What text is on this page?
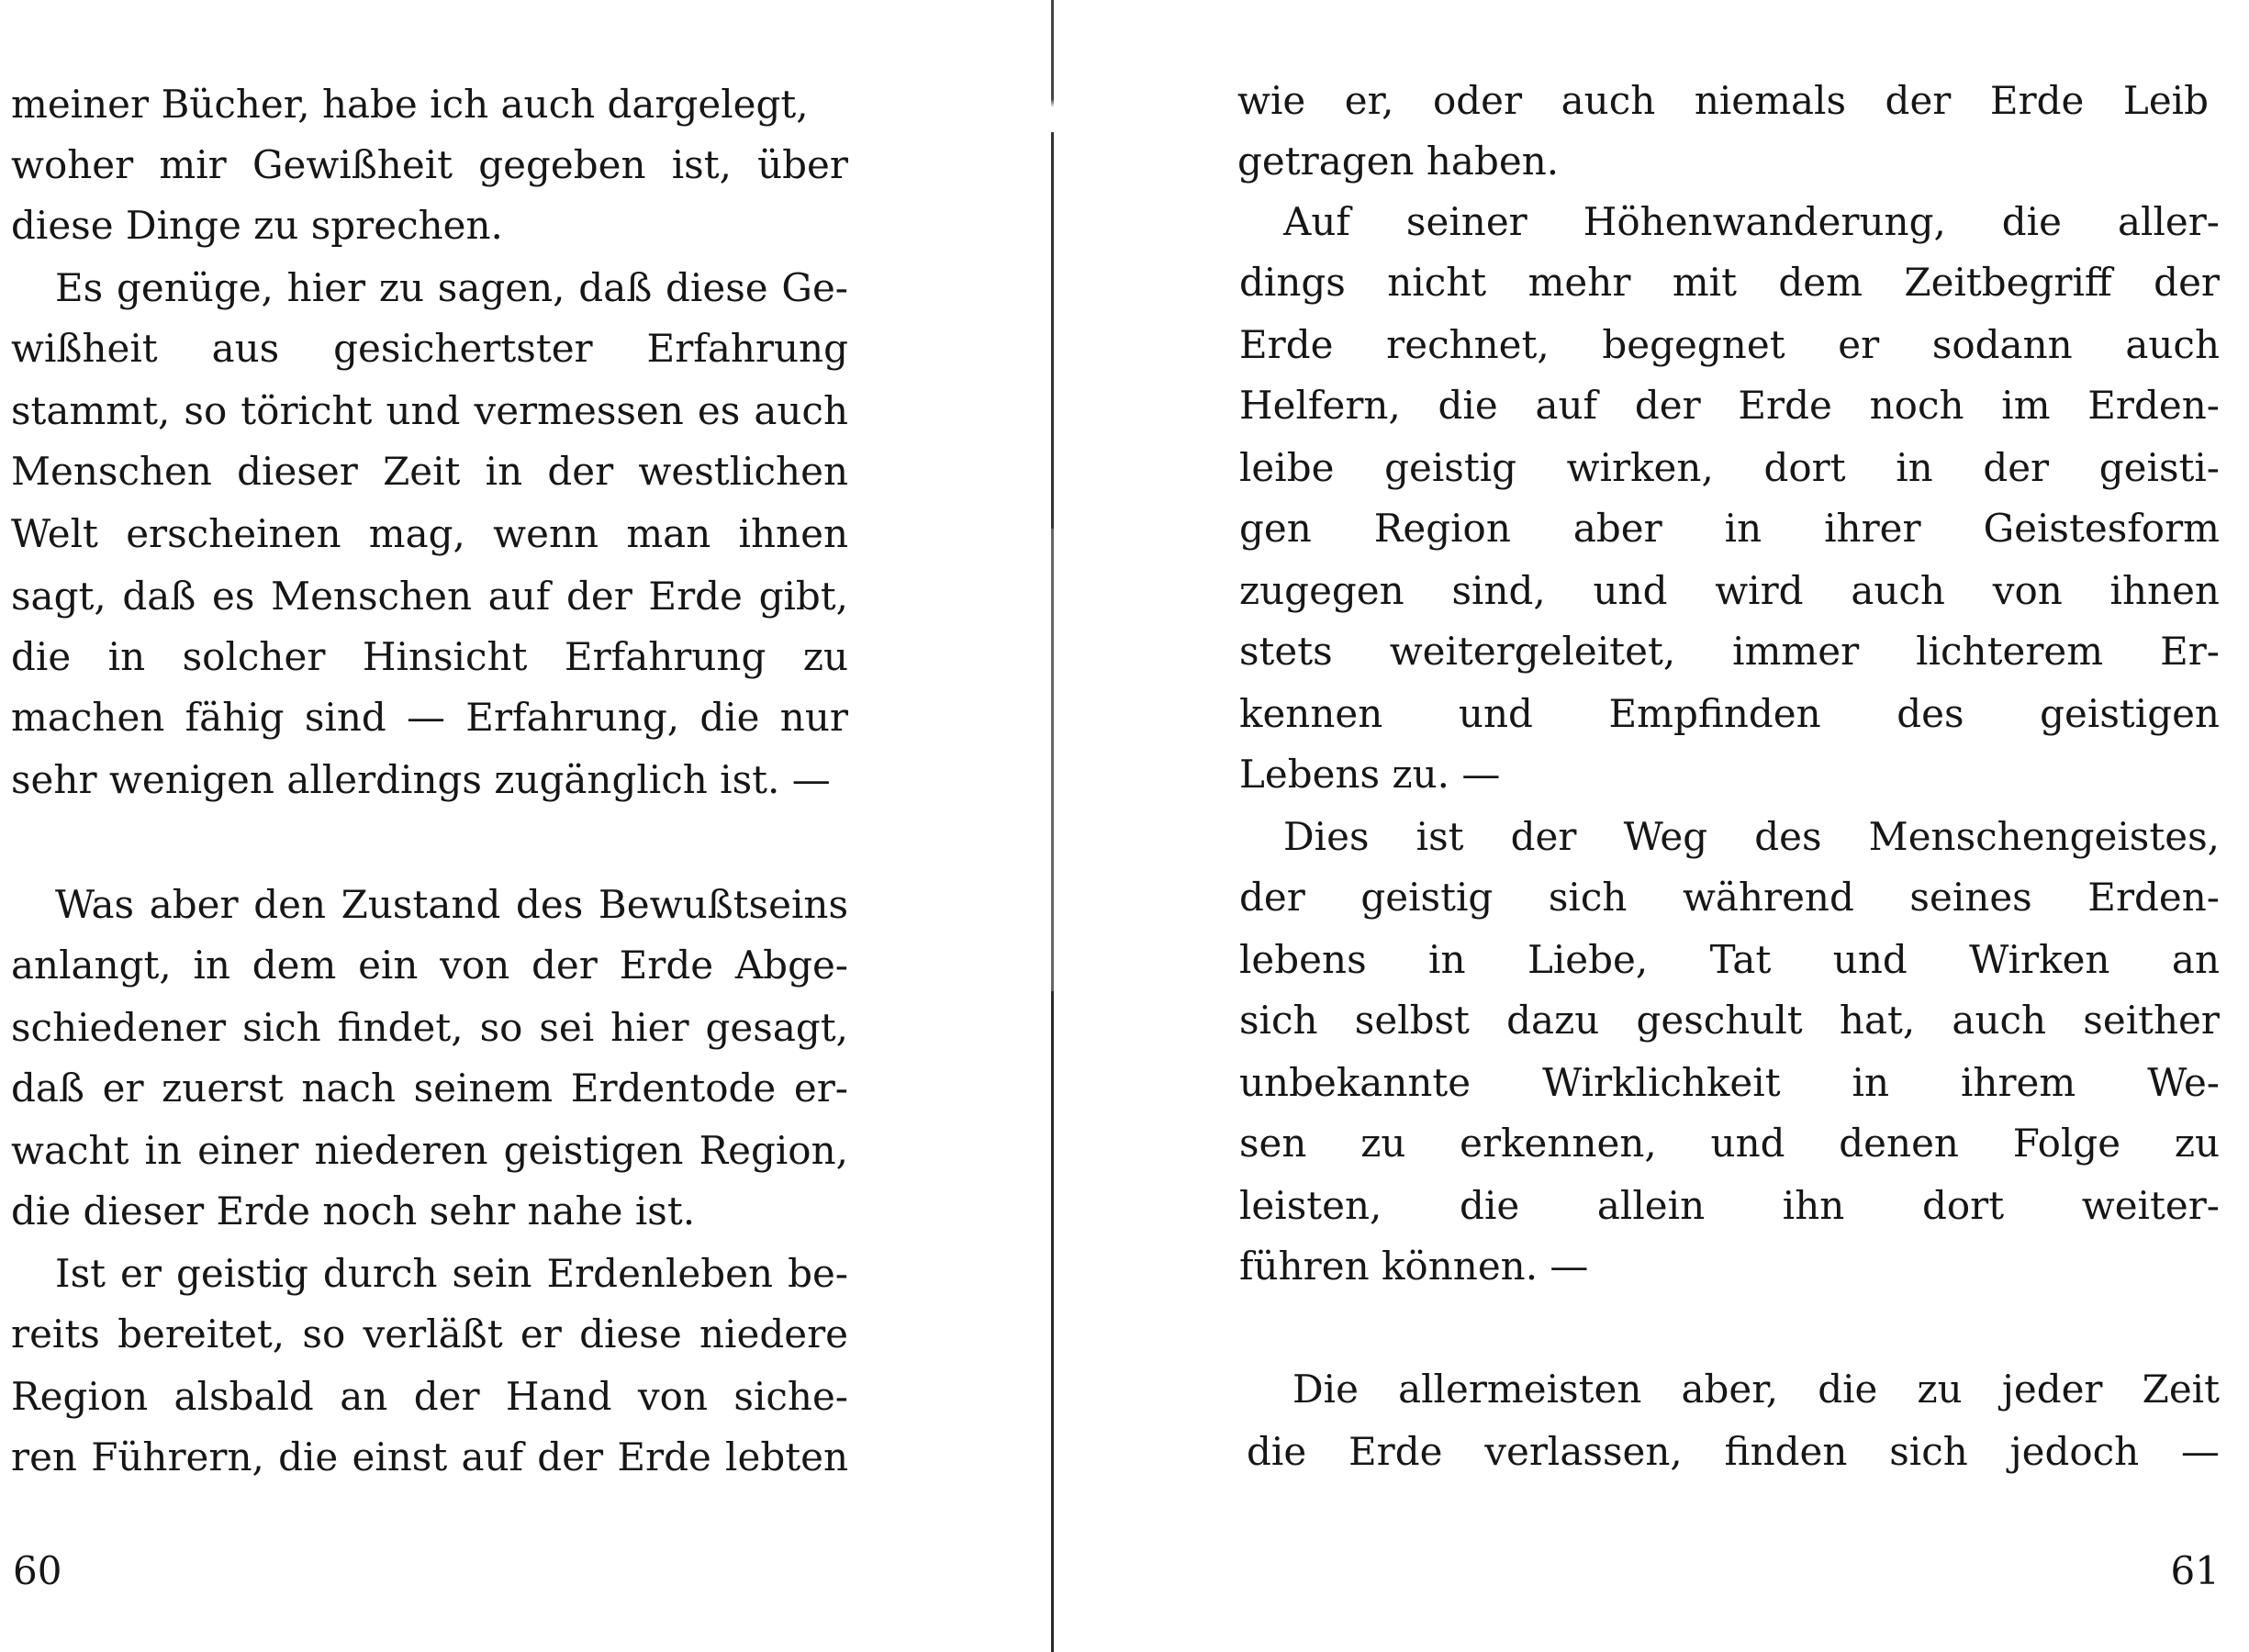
meiner Bücher, habe ich auch dargelegt,
woher mir Gewißheit gegeben ist, über
diese Dinge zu sprechen.
Es genüge, hier zu sagen, daß diese Ge-
wißheit aus gesichertster Erfahrung
stammt, so töricht und vermessen es auch
Menschen dieser Zeit in der westlichen
Welt erscheinen mag, wenn man ihnen
sagt, daß es Menschen auf der Erde gibt,
die in solcher Hinsicht Erfahrung zu
machen fähig sind — Erfahrung, die nur
sehr wenigen allerdings zugänglich ist. —
Was aber den Zustand des Bewußtseins
anlangt, in dem ein von der Erde Abge-
schiedener sich findet, so sei hier gesagt,
daß er zuerst nach seinem Erdentode er-
wacht in einer niederen geistigen Region,
die dieser Erde noch sehr nahe ist.
Ist er geistig durch sein Erdenleben be-
reits bereitet, so verläßt er diese niedere
Region alsbald an der Hand von siche-
ren Führern, die einst auf der Erde lebten
60
wie er, oder auch niemals der Erde Leib
getragen haben.
Auf seiner Höhenwanderung, die aller-
dings nicht mehr mit dem Zeitbegriff der
Erde rechnet, begegnet er sodann auch
Helfern, die auf der Erde noch im Erden-
leibe geistig wirken, dort in der geisti-
gen Region aber in ihrer Geistesform
zugegen sind, und wird auch von ihnen
stets weitergeleitet, immer lichterem Er-
kennen und Empfinden des geistigen
Lebens zu. —
Dies ist der Weg des Menschengeistes,
der geistig sich während seines Erden-
lebens in Liebe, Tat und Wirken an
sich selbst dazu geschult hat, auch seither
unbekannte Wirklichkeit in ihrem We-
sen zu erkennen, und denen Folge zu
leisten, die allein ihn dort weiter-
führen können. —
Die allermeisten aber, die zu jeder Zeit
die Erde verlassen, finden sich jedoch —
61
